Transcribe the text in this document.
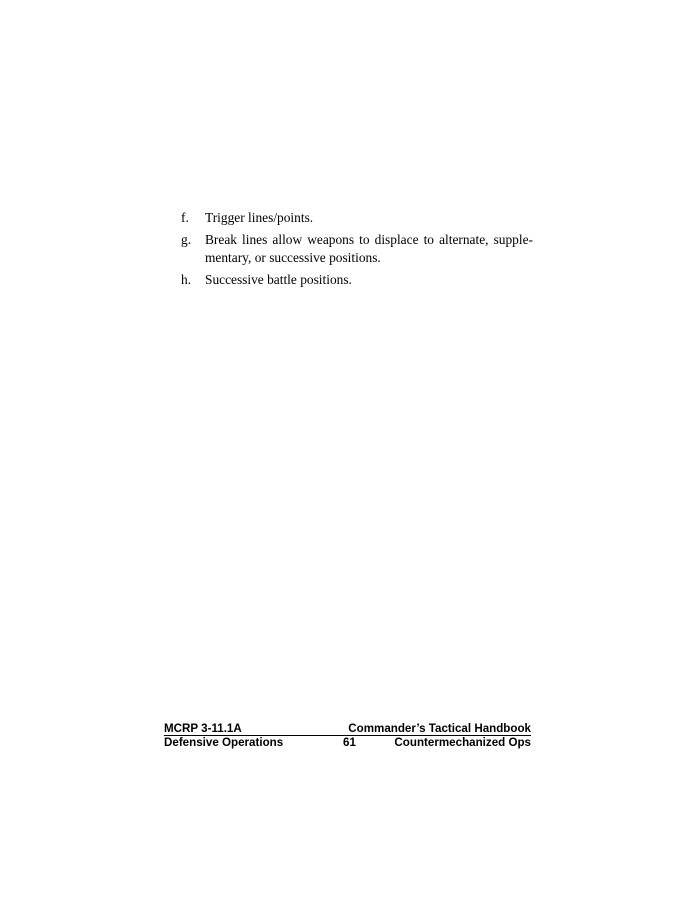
f. Trigger lines/points.
g. Break lines allow weapons to displace to alternate, supple-mentary, or successive positions.
h. Successive battle positions.
MCRP 3-11.1A	Commander’s Tactical Handbook
Defensive Operations	61	Countermechanized Ops
